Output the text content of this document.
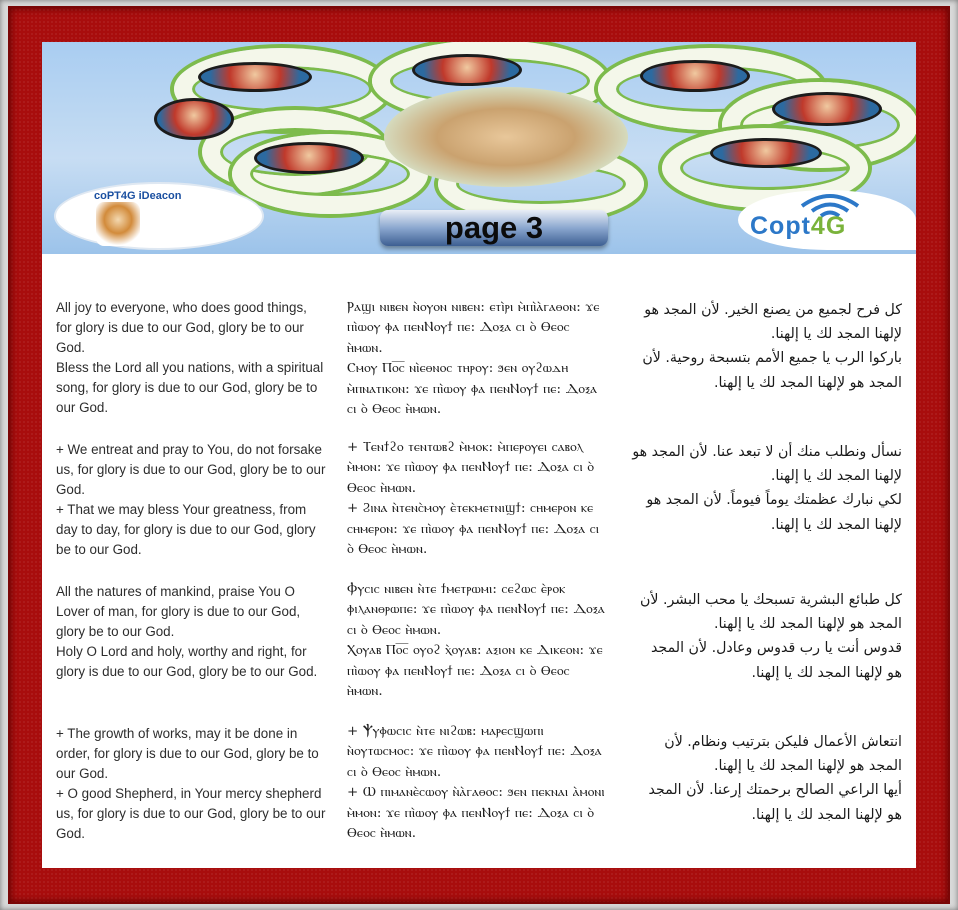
coPT4G iDeacon
Copt4G
page 3

All joy to everyone, who does good things, for glory is due to our God, glory be to our God.
Bless the Lord all you nations, with a spiritual song, for glory is due to our God, glory be to our God.

+ We entreat and pray to You, do not forsake us, for glory is due to our God, glory be to our God.
+ That we may bless Your greatness, from day to day, for glory is due to our God, glory be to our God.

All the natures of mankind, praise You O Lover of man, for glory is due to our God, glory be to our God.
Holy O Lord and holy, worthy and right, for glory is due to our God, glory be to our God.

+ The growth of works, may it be done in order, for glory is due to our God, glory be to our God.
+ O good Shepherd, in Your mercy shepherd us, for glory is due to our God, glory be to our God.

Ⲣⲁϣⲓ ⲛⲓⲃⲉⲛ ⲛ̀ⲟⲩⲟⲛ ⲛⲓⲃⲉⲛ: ⲉⲧⲓ̀ⲣⲓ ⲙ̀ⲡⲓ̀ⲁ̀ⲅⲁⲑⲟⲛ: ϫⲉ ⲡⲓ̀ⲱⲟⲩ ⲫⲁ ⲡⲉⲛⲚⲟⲩϯ ⲡⲉ: Ⲇⲟⲝⲁ ⲥⲓ ⲟ̀ Ⲑⲉⲟⲥ ⲏ̀ⲙⲱⲛ.
Ⲥⲙⲟⲩ Ⲡⲟ̅ⲥ̅ ⲛⲓ̀ⲉⲑⲛⲟⲥ ⲧⲏⲣⲟⲩ: ϧⲉⲛ ⲟⲩϩⲱⲇⲏ ⲙ̀ⲡⲛⲁⲧⲓⲕⲟⲛ: ϫⲉ ⲡⲓ̀ⲱⲟⲩ ⲫⲁ ⲡⲉⲛⲚⲟⲩϯ ⲡⲉ: Ⲇⲟⲝⲁ ⲥⲓ ⲟ̀ Ⲑⲉⲟⲥ ⲏ̀ⲙⲱⲛ.

+ Ⲧⲉⲛϯϩⲟ ⲧⲉⲛⲧⲱⲃϩ ⲙ̀ⲙⲟⲕ: ⲙ̀ⲡⲉⲣⲟⲩⲉⲓ ⲥⲁⲃⲟⲗ ⲙ̀ⲙⲟⲛ: ϫⲉ ⲡⲓ̀ⲱⲟⲩ ⲫⲁ ⲡⲉⲛⲚⲟⲩϯ ⲡⲉ: Ⲇⲟⲝⲁ ⲥⲓ ⲟ̀ Ⲑⲉⲟⲥ ⲏ̀ⲙⲱⲛ.
+ Ϩⲓⲛⲁ ⲛ̀ⲧⲉⲛⲥ̀ⲙⲟⲩ ⲉ̀ⲧⲉⲕⲙⲉⲧⲛⲓϣϯ: ⲥⲏⲙⲉⲣⲟⲛ ⲕⲉ ⲥⲏⲙⲉⲣⲟⲛ: ϫⲉ ⲡⲓ̀ⲱⲟⲩ ⲫⲁ ⲡⲉⲛⲚⲟⲩϯ ⲡⲉ: Ⲇⲟⲝⲁ ⲥⲓ ⲟ̀ Ⲑⲉⲟⲥ ⲏ̀ⲙⲱⲛ.

Ⲫⲩⲥⲓⲥ ⲛⲓⲃⲉⲛ ⲛ̀ⲧⲉ ϯⲙⲉⲧⲣⲱⲙⲓ: ⲥⲉϩⲱⲥ ⲉ̀ⲣⲟⲕ ⲫⲓⲗⲁⲛⲑⲣⲱⲡⲉ: ϫⲉ ⲡⲓ̀ⲱⲟⲩ ⲫⲁ ⲡⲉⲛⲚⲟⲩϯ ⲡⲉ: Ⲇⲟⲝⲁ ⲥⲓ ⲟ̀ Ⲑⲉⲟⲥ ⲏ̀ⲙⲱⲛ.
Ⲭⲟⲩⲁⲃ Ⲡⲟ̅ⲥ̅ ⲟⲩⲟϩ ⲭ̀ⲟⲩⲁⲃ: ⲁⲝⲓⲟⲛ ⲕⲉ Ⲇⲓⲕⲉⲟⲛ: ϫⲉ ⲡⲓ̀ⲱⲟⲩ ⲫⲁ ⲡⲉⲛⲚⲟⲩϯ ⲡⲉ: Ⲇⲟⲝⲁ ⲥⲓ ⲟ̀ Ⲑⲉⲟⲥ ⲏ̀ⲙⲱⲛ.

+ Ⲯⲩⲫⲱⲥⲓⲥ ⲛ̀ⲧⲉ ⲛⲓϩⲱⲃ: ⲙⲁⲣⲉⲥϣⲱⲡⲓ ⲛ̀ⲟⲩⲧⲱⲥⲙⲟⲥ: ϫⲉ ⲡⲓ̀ⲱⲟⲩ ⲫⲁ ⲡⲉⲛⲚⲟⲩϯ ⲡⲉ: Ⲇⲟⲝⲁ ⲥⲓ ⲟ̀ Ⲑⲉⲟⲥ ⲏ̀ⲙⲱⲛ.
+ Ⲱ ⲡⲓⲙⲁⲛⲉ̀ⲥⲱⲟⲩ ⲛ̀ⲁ̀ⲅⲁⲑⲟⲥ: ϧⲉⲛ ⲡⲉⲕⲛⲁⲓ ⲁ̀ⲙⲟⲛⲓ ⲙ̀ⲙⲟⲛ: ϫⲉ ⲡⲓ̀ⲱⲟⲩ ⲫⲁ ⲡⲉⲛⲚⲟⲩϯ ⲡⲉ: Ⲇⲟⲝⲁ ⲥⲓ ⲟ̀ Ⲑⲉⲟⲥ ⲏ̀ⲙⲱⲛ.

كل فرح لجميع من يصنع الخير. لأن المجد هو لإلهنا المجد لك يا إلهنا.
باركوا الرب يا جميع الأمم بتسبحة روحية. لأن المجد هو لإلهنا المجد لك يا إلهنا.

نسأل ونطلب منك أن لا تبعد عنا. لأن المجد هو لإلهنا المجد لك يا إلهنا.
لكي نبارك عظمتك يوماً فيوماً. لأن المجد هو لإلهنا المجد لك يا إلهنا.

كل طبائع البشرية تسبحك يا محب البشر. لأن المجد هو لإلهنا المجد لك يا إلهنا.
قدوس أنت يا رب قدوس وعادل. لأن المجد هو لإلهنا المجد لك يا إلهنا.

انتعاش الأعمال فليكن بترتيب ونظام. لأن المجد هو لإلهنا المجد لك يا إلهنا.
أيها الراعي الصالح برحمتك إرعنا. لأن المجد هو لإلهنا المجد لك يا إلهنا.
